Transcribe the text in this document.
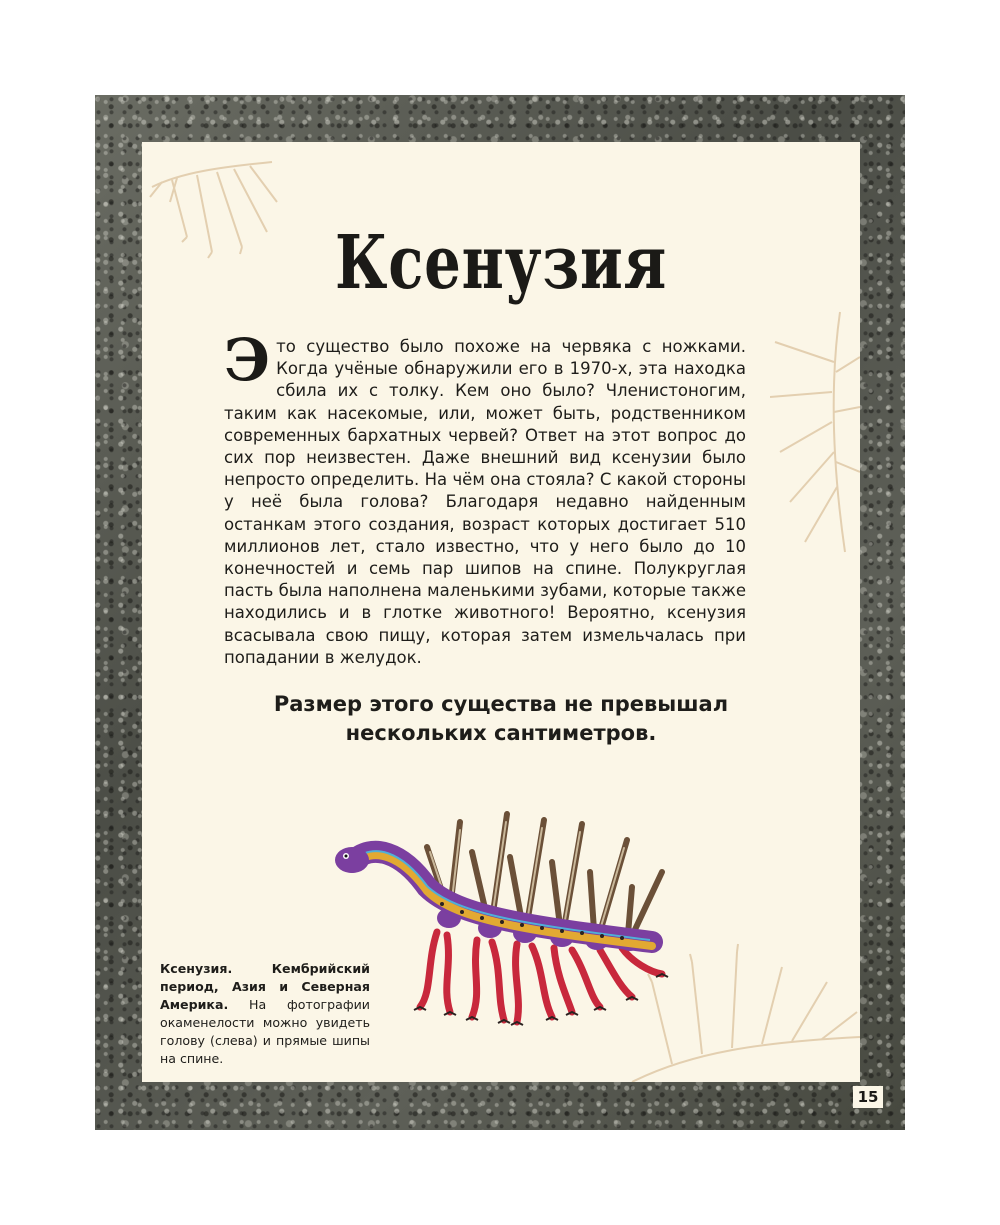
Ксенузия

Это существо было похоже на червяка с ножками. Когда учёные обнаружили его в 1970-х, эта находка сбила их с толку. Кем оно было? Членистоногим, таким как насекомые, или, может быть, родственником современных бархатных червей? Ответ на этот вопрос до сих пор неизвестен. Даже внешний вид ксенузии было непросто определить. На чём она стояла? С какой стороны у неё была голова? Благодаря недавно найденным останкам этого создания, возраст которых достигает 510 миллионов лет, стало известно, что у него было до 10 конечностей и семь пар шипов на спине. Полукруглая пасть была наполнена маленькими зубами, которые также находились и в глотке животного! Вероятно, ксенузия всасывала свою пищу, которая затем измельчалась при попадании в желудок.

Размер этого существа не превышал
нескольких сантиметров.

Ксенузия. Кембрийский период, Азия и Северная Америка. На фотографии окаменелости можно увидеть голову (слева) и прямые шипы на спине.

15
